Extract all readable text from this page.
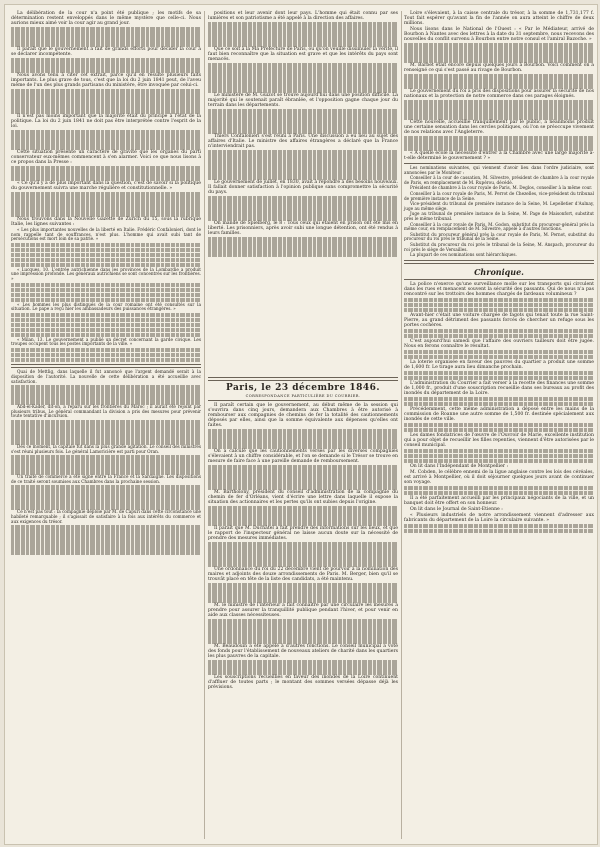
La délibération de la cour n'a point été publique ; les motifs de sa détermination restent enveloppés dans le même mystère que celle-ci. Nous aurions mieux aimé voir la cour agir au grand jour.

Il paraît que le gouvernement a fait de grands efforts pour décider la cour à se déclarer incompétente.

Nous avons tenu à citer cet extrait, parce qu'il en résulte plusieurs faits importants. Le plus grave de tous, c'est que la loi du 2 juin 1841 peut, de l'aveu même de l'un des plus grands partisans du ministère, être invoquée par celui-ci.

Il n'est pas moins important que la majorité était du principe à l'état de la politique. La loi du 2 juin 1841 ne doit pas être interprétée contre l'esprit de la loi.

Cette situation présente un caractère de gravité que les organes du parti conservateur eux-mêmes commencent à s'en alarmer. Voici ce que nous lisons à ce propos dans la Presse :

« Ce qu'il y a de plus important dans la question, c'est de savoir si la politique du gouvernement suivra une marche régulière et constitutionnelle. »

Nous trouvons dans la Nouvelle Gazette de Zurich du 15, sous la rubrique Italie, les lignes suivantes :

« Les plus importantes nouvelles de la liberté en Italie. Frédéric Confalonieri, dont le nom rappelle tant de souffrances, n'est plus. L'homme qui avait subi tant de persécutions est mort loin de sa patrie. »

« Lucques, 10. L'entrée autrichienne dans les provinces de la Lombardie a produit une impression profonde. Les généraux autrichiens se sont concentrés sur les frontières. »

« Les hommes les plus distingués de la cour romaine ont été consultés sur la situation. Le pape a reçu hier les ambassadeurs des puissances étrangères. »

« Milan, 13. Le gouvernement a publié un décret concernant la garde civique. Les troupes occupent tous les postes importants de la ville. »

Quai de Mettlig, dans laquelle il fut annoncé que l'argent demandé serait à la disposition de l'autorité. La nouvelle de cette délibération a été accueillie avec satisfaction.

Abd-el-Kader, dit-on, a reparu sur les frontières du Maroc ; il aurait été rejoint par plusieurs tribus. Le général commandant la division a pris des mesures pour prévenir toute tentative d'incursion.

Dès ce moment, la capitale fut dans la plus grande agitation. Le conseil des ministres s'est réuni plusieurs fois. Le général Lamoricière est parti pour Oran.

Un traité de commerce a été signé entre la France et la Sardaigne. Les dispositions de ce traité seront soumises aux Chambres dans la prochaine session.

Ce n'est pas tout : la compagnie déploie par M. de Capuri dans cette circonstance une habileté remarquable ; il s'agissait de satisfaire à la fois aux intérêts du commerce et aux exigences du trésor.

positions et leur avenir dont leur pays. L'homme qui était connu par ses lumières et son patriotisme a été appelé à la direction des affaires.

Que ce soit à la Ma Prefecture de Paris, ou qu'on veuille dissimuler la vérité, il faut bien reconnaître que la situation est grave et que les intérêts du pays sont menacés.

Le ministère de M. Guizot se trouve aujourd'hui dans une position difficile. La majorité qui le soutenait paraît ébranlée, et l'opposition gagne chaque jour du terrain dans les départements.

Thiers Confalonieri s'est réuni à Paris. Une discussion a eu lieu au sujet des affaires d'Italie. Le ministre des affaires étrangères a déclaré que la France n'interviendrait pas.

Le gouvernement de juillet, en 1830, avait à répondre à des besoins nouveaux. Il fallait donner satisfaction à l'opinion publique sans compromettre la sécurité du pays.

On mande de Spielberg, le 8 : Tous ceux qui étaient en prison ont été mis en liberté. Les prisonniers, après avoir subi une longue détention, ont été rendus à leurs familles.

Paris, le 23 décembre 1846.
CORRESPONDANCE PARTICULIÈRE DU COURRIER.

Il paraît certain que le gouvernement, au début même de la session qui s'ouvrira dans cinq jours, demandera aux Chambres à être autorisé à rembourser aux compagnies de chemins de fer la totalité des cautionnements déposés par elles, ainsi que la somme équivalente aux dépenses qu'elles ont faites.

On a calculé que les cautionnements versés par les diverses compagnies s'élevaient à un chiffre considérable, et l'on se demande si le Trésor se trouve en mesure de faire face à une pareille demande de remboursement.

M. Bartholony, président du conseil d'administration de la compagnie du chemin de fer d'Orléans, vient d'écrire une lettre dans laquelle il expose la situation des actionnaires et les pertes qu'ils ont subies depuis l'origine.

Il paraît que M. Duchâtel a fait prendre des informations sur les lieux, et que le rapport de l'inspecteur général ne laisse aucun doute sur la nécessité de prendre des mesures immédiates.

Une ordonnance du roi du 22 décembre vient de pourvoir à la nomination des maires et adjoints des douze arrondissements de Paris. M. Berger, bien qu'il se trouvât placé en tête de la liste des candidats, a été maintenu.

M. le ministre de l'intérieur a fait connaître par une circulaire les mesures à prendre pour assurer la tranquillité publique pendant l'hiver, et pour venir en aide aux classes nécessiteuses.

M. Beaudouin a été appelé à d'autres fonctions. Le conseil municipal a voté des fonds pour l'établissement de nouveaux ateliers de charité dans les quartiers les plus pauvres de la capitale.

Les souscriptions recueillies en faveur des inondés de la Loire continuent d'affluer de toutes parts ; le montant des sommes versées dépasse déjà les prévisions.

Loire s'élevaient, à la caisse centrale du trésor, à la somme de 1,731,177 f. Tout fait espérer qu'avant la fin de l'année on aura atteint le chiffre de deux millions.

Nous lisons dans le National de l'Ouest : « Par le Médiateur, arrivé de Bourbon à Nantes avec des lettres à la date du 31 septembre, nous recevons des nouvelles du conflit survenu à Bourbon entre notre consul et l'amiral Bazoche. »

M. Barbet était encore depuis quelques jours à Bourbon. Voici comment on a renseigné ce qui s'est passé au rivage de Bourbon.

Le gouvernement du roi a pris des dispositions pour assurer la sécurité de nos nationaux et la protection de notre commerce dans ces parages éloignés.

Cette nouvelle, accueillie tranquillement par le public, a néanmoins produit une certaine sensation dans les cercles politiques, où l'on se préoccupe vivement de nos relations avec l'Angleterre.

« A quelle école la nécessité d'entrer à la Chambre avec une large majorité a-t-elle déterminé le gouvernement ? »

Les nominations suivantes, qui viennent d'avoir lieu dans l'ordre judiciaire, sont annoncées par le Moniteur :

Conseiller à la cour de cassation, M. Silvestre, président de chambre à la cour royale de Paris, en remplacement de M. Rupérou, décédé.

Président de chambre à la cour royale de Paris, M. Deglos, conseiller à la même cour.

Conseiller à la cour royale de Paris, M. Perrot de Chezelles, vice-président du tribunal de première instance de la Seine.

Vice-président du tribunal de première instance de la Seine, M. Lepelletier d'Aulnay, juge au même siège.

Juge au tribunal de première instance de la Seine, M. Page de Maisonfort, substitut près le même tribunal.

Conseiller à la cour royale de Paris, M. Godon, substitut du procureur-général près la même cour, en remplacement de M. Silvestre, appelé à d'autres fonctions.

Substitut du procureur général près la cour royale de Paris, M. Pernot, substitut du procureur du roi près le tribunal de la Seine.

Substitut du procureur du roi près le tribunal de la Seine, M. Anspach, procureur du roi près le siège de Versailles.

La plupart de ces nominations sont hiérarchiques.

Chronique.

La police n'exerce qu'une surveillance molle sur les transports qui circulent dans les rues et menacent souvent la sécurité des passants. Qui de nous n'a pas rencontré sur les trottoirs des hommes chargés de fardeaux volumineux ?

Avant-hier c'était une voiture chargée de fagots qui tenait toute la rue Saint-Pierre, au grand détriment des passants forcés de chercher un refuge sous les portes cochères.

C'est aujourd'hui samedi que l'affaire des ouvriers tailleurs doit être jugée. Nous en ferons connaître le résultat.

La loterie organisée en faveur des pauvres du quartier a produit une somme de 1,600 fr. Le tirage aura lieu dimanche prochain.

L'administration du Courrier a fait verser à la recette des finances une somme de 1,000 fr., produit d'une souscription recueillie dans ses bureaux au profit des inondés du département de la Loire.

Précédemment, cette même administration a déposé entre les mains de la commission de Roanne une autre somme de 1,500 fr. destinée spécialement aux inondés de cette ville.

Les dames fondatrices de l'œuvre de l'Ouvroir de Marie, excellente institution qui a pour objet de recueillir les filles repenties, viennent d'être autorisées par le conseil municipal.

On lit dans l'Indépendant de Montpellier :

M. Cobden, le célèbre ennemi de la ligue anglaise contre les lois des céréales, est arrivé à Montpellier, où il doit séjourner quelques jours avant de continuer son voyage.

Il a été parfaitement accueilli par les principaux négociants de la ville, et un banquet doit être offert en son honneur.

On lit dans le Journal de Saint-Etienne :

« Plusieurs industriels de notre arrondissement viennent d'adresser aux fabricants du département de la Loire la circulaire suivante. »
